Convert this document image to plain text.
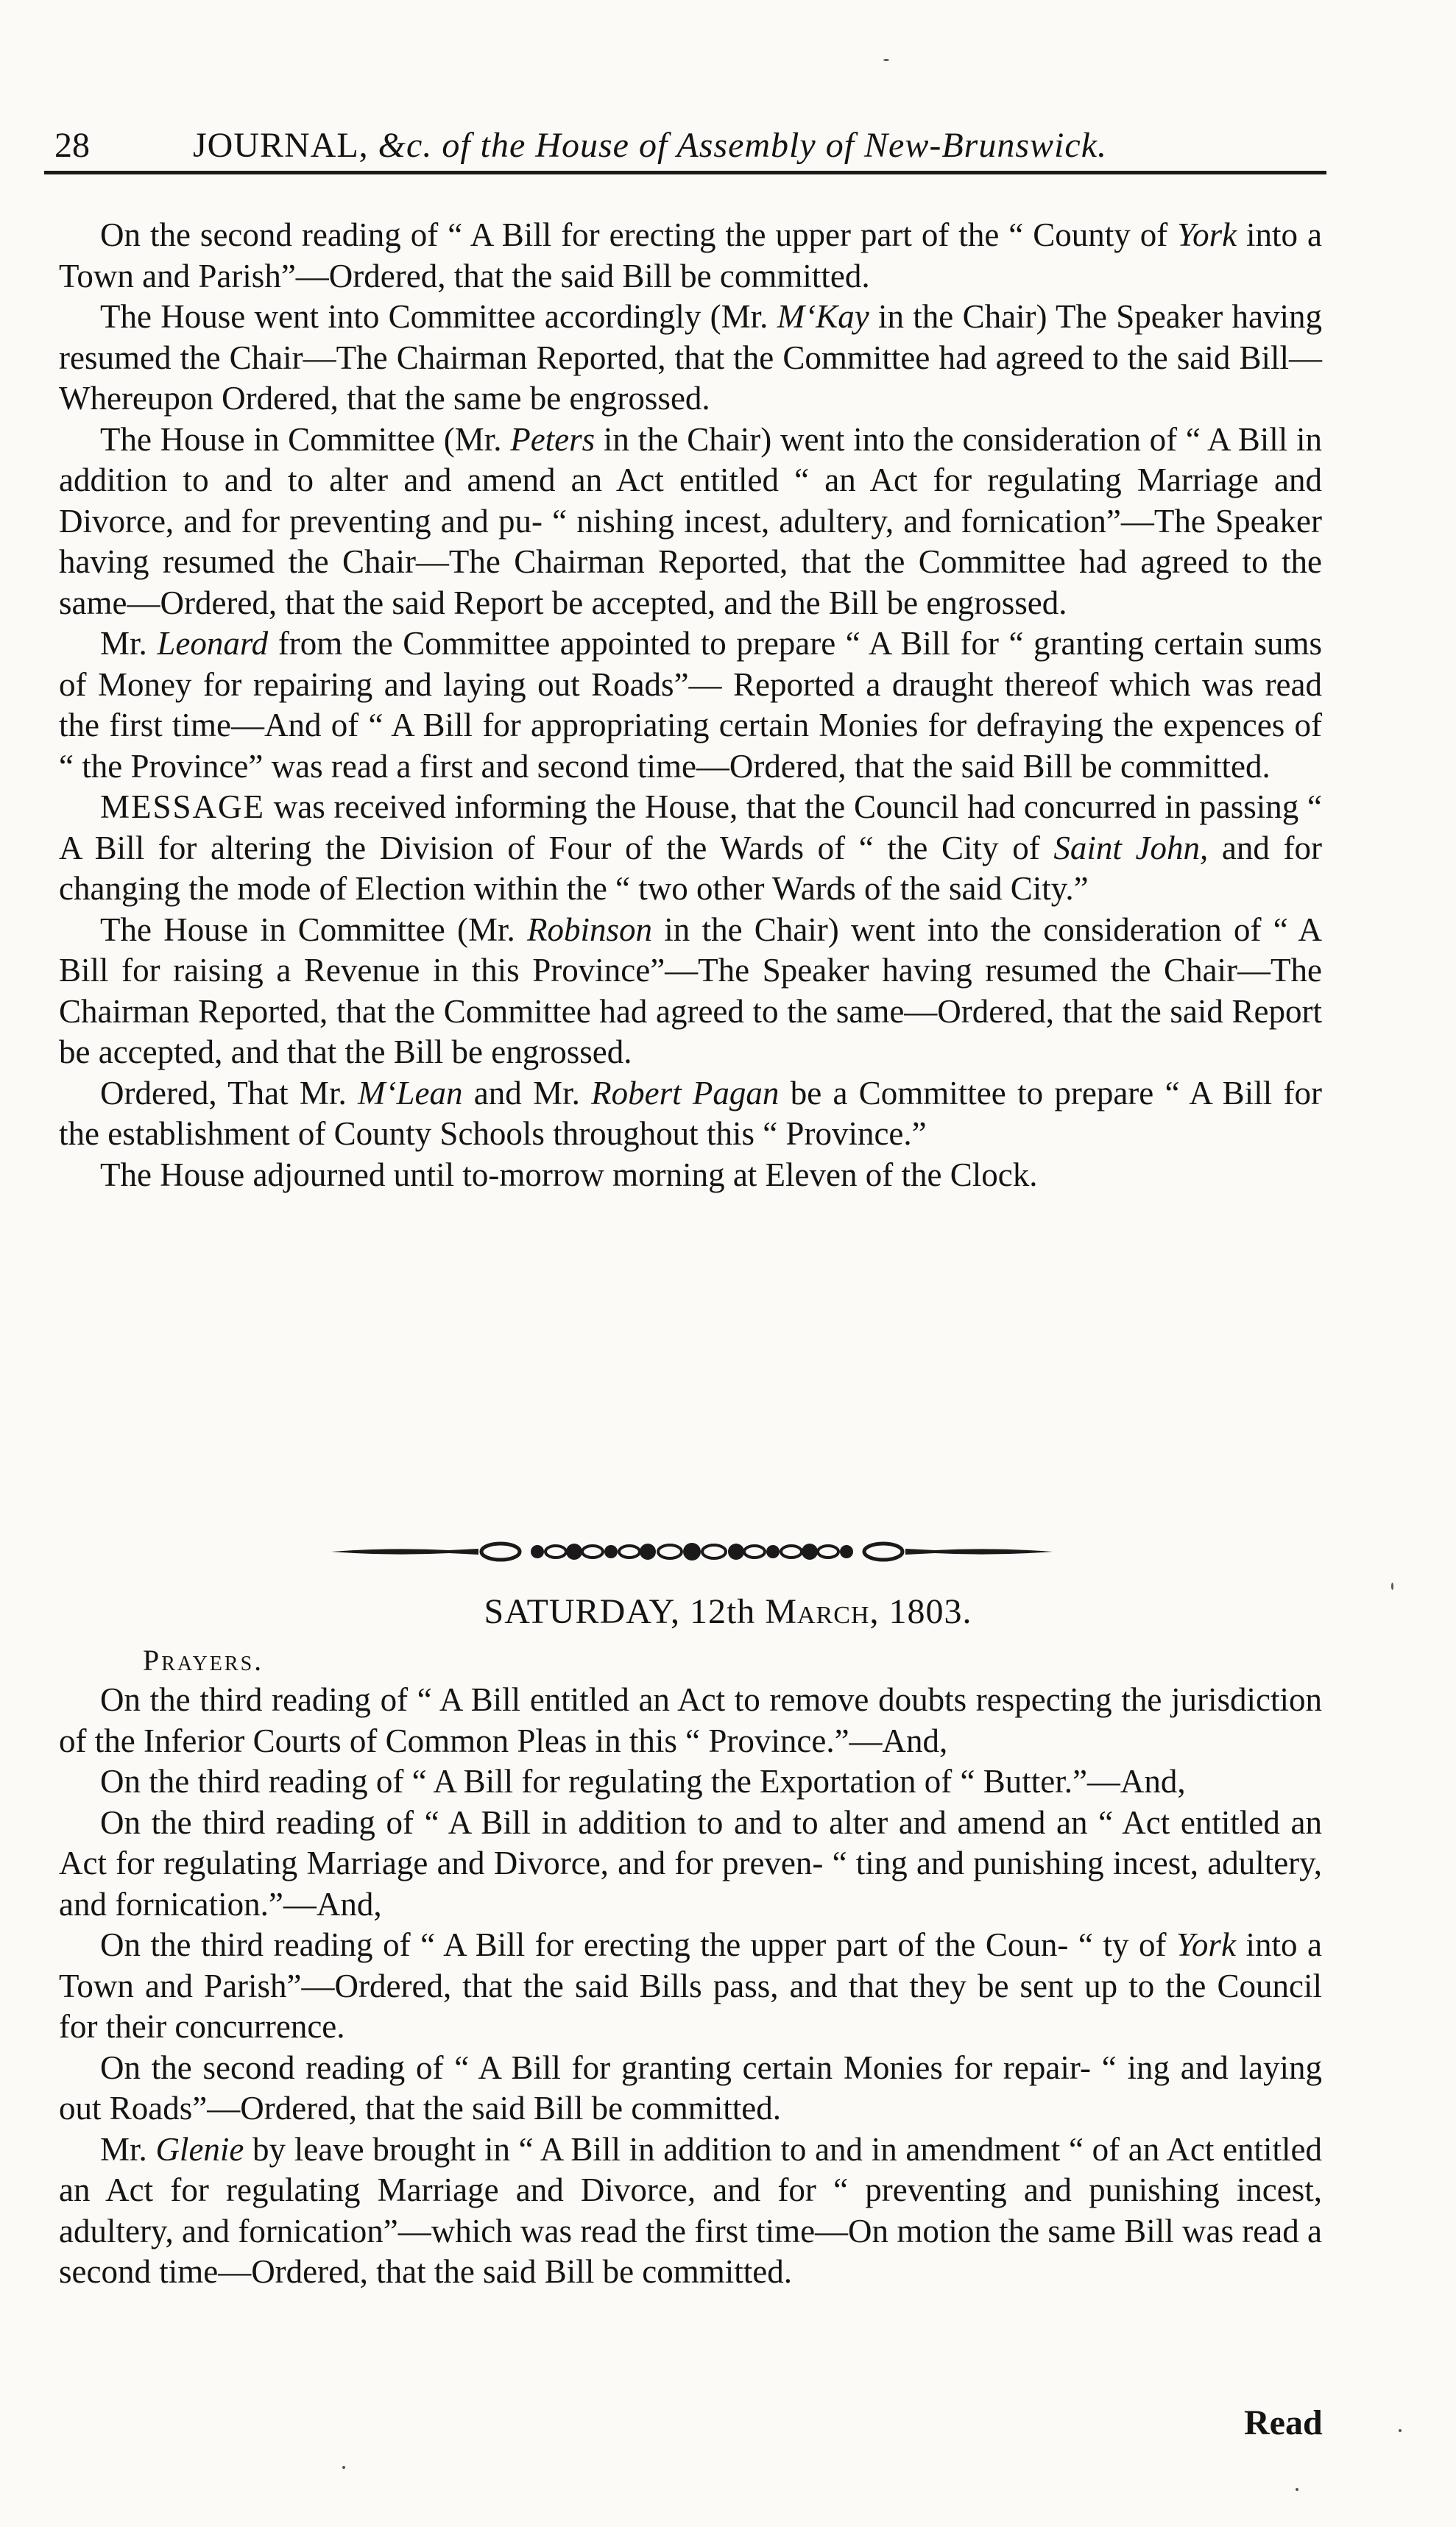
28	JOURNAL, &c. of the House of Assembly of New-Brunswick.

On the second reading of “ A Bill for erecting the upper part of the “ County of York into a Town and Parish”—Ordered, that the said Bill be committed.

The House went into Committee accordingly (Mr. M‘Kay in the Chair) The Speaker having resumed the Chair—The Chairman Reported, that the Committee had agreed to the said Bill—Whereupon Ordered, that the same be engrossed.

The House in Committee (Mr. Peters in the Chair) went into the consideration of “ A Bill in addition to and to alter and amend an Act entitled “ an Act for regulating Marriage and Divorce, and for preventing and pu- “ nishing incest, adultery, and fornication”—The Speaker having resumed the Chair—The Chairman Reported, that the Committee had agreed to the same—Ordered, that the said Report be accepted, and the Bill be engrossed.

Mr. Leonard from the Committee appointed to prepare “ A Bill for “ granting certain sums of Money for repairing and laying out Roads”— Reported a draught thereof which was read the first time—And of “ A Bill for appropriating certain Monies for defraying the expences of “ the Province” was read a first and second time—Ordered, that the said Bill be committed.

MESSAGE was received informing the House, that the Council had concurred in passing “ A Bill for altering the Division of Four of the Wards of “ the City of Saint John, and for changing the mode of Election within the “ two other Wards of the said City.”

The House in Committee (Mr. Robinson in the Chair) went into the consideration of “ A Bill for raising a Revenue in this Province”—The Speaker having resumed the Chair—The Chairman Reported, that the Committee had agreed to the same—Ordered, that the said Report be accepted, and that the Bill be engrossed.

Ordered, That Mr. M‘Lean and Mr. Robert Pagan be a Committee to prepare “ A Bill for the establishment of County Schools throughout this “ Province.”

The House adjourned until to-morrow morning at Eleven of the Clock.

SATURDAY, 12th March, 1803.
Prayers.

On the third reading of “ A Bill entitled an Act to remove doubts respecting the jurisdiction of the Inferior Courts of Common Pleas in this “ Province.”—And,

On the third reading of “ A Bill for regulating the Exportation of “ Butter.”—And,

On the third reading of “ A Bill in addition to and to alter and amend an “ Act entitled an Act for regulating Marriage and Divorce, and for preven- “ ting and punishing incest, adultery, and fornication.”—And,

On the third reading of “ A Bill for erecting the upper part of the Coun- “ ty of York into a Town and Parish”—Ordered, that the said Bills pass, and that they be sent up to the Council for their concurrence.

On the second reading of “ A Bill for granting certain Monies for repair- “ ing and laying out Roads”—Ordered, that the said Bill be committed.

Mr. Glenie by leave brought in “ A Bill in addition to and in amendment “ of an Act entitled an Act for regulating Marriage and Divorce, and for “ preventing and punishing incest, adultery, and fornication”—which was read the first time—On motion the same Bill was read a second time—Ordered, that the said Bill be committed.

Read
